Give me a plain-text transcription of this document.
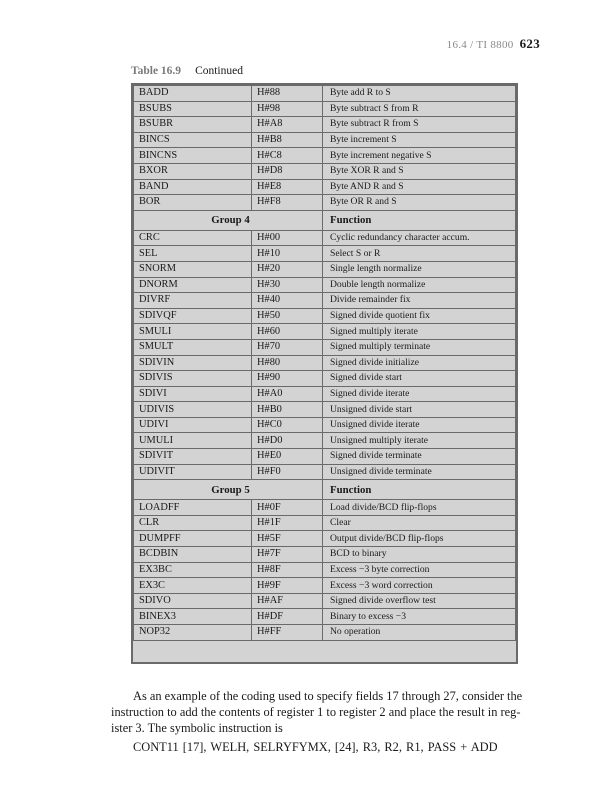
16.4 / TI 8800 623
Table 16.9 Continued
BADD	H#88	Byte add R to S
BSUBS	H#98	Byte subtract S from R
BSUBR	H#A8	Byte subtract R from S
BINCS	H#B8	Byte increment S
BINCNS	H#C8	Byte increment negative S
BXOR	H#D8	Byte XOR R and S
BAND	H#E8	Byte AND R and S
BOR	H#F8	Byte OR R and S
Group 4		Function
CRC	H#00	Cyclic redundancy character accum.
SEL	H#10	Select S or R
SNORM	H#20	Single length normalize
DNORM	H#30	Double length normalize
DIVRF	H#40	Divide remainder fix
SDIVQF	H#50	Signed divide quotient fix
SMULI	H#60	Signed multiply iterate
SMULT	H#70	Signed multiply terminate
SDIVIN	H#80	Signed divide initialize
SDIVIS	H#90	Signed divide start
SDIVI	H#A0	Signed divide iterate
UDIVIS	H#B0	Unsigned divide start
UDIVI	H#C0	Unsigned divide iterate
UMULI	H#D0	Unsigned multiply iterate
SDIVIT	H#E0	Signed divide terminate
UDIVIT	H#F0	Unsigned divide terminate
Group 5		Function
LOADFF	H#0F	Load divide/BCD flip-flops
CLR	H#1F	Clear
DUMPFF	H#5F	Output divide/BCD flip-flops
BCDBIN	H#7F	BCD to binary
EX3BC	H#8F	Excess −3 byte correction
EX3C	H#9F	Excess −3 word correction
SDIVO	H#AF	Signed divide overflow test
BINEX3	H#DF	Binary to excess −3
NOP32	H#FF	No operation
As an example of the coding used to specify fields 17 through 27, consider the
instruction to add the contents of register 1 to register 2 and place the result in reg-
ister 3. The symbolic instruction is
CONT11 [17], WELH, SELRYFYMX, [24], R3, R2, R1, PASS + ADD
